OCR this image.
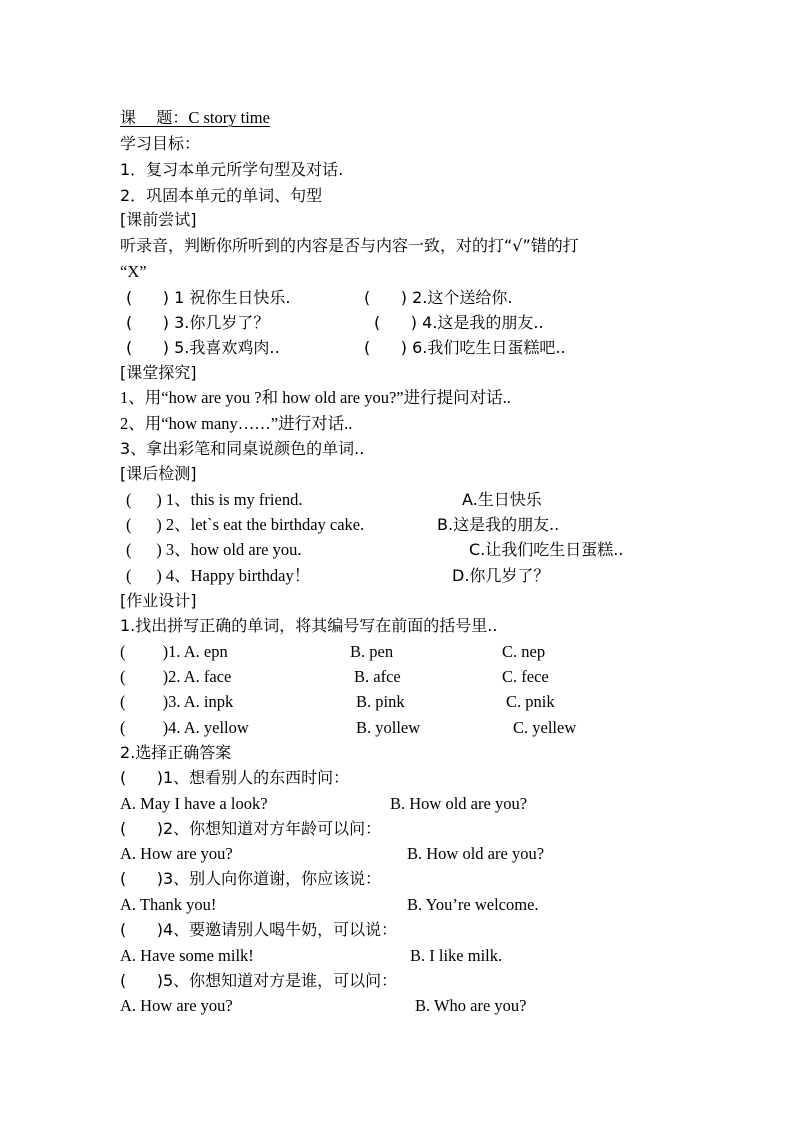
课    题：C story time
学习目标：
1．复习本单元所学句型及对话.
2．巩固本单元的单词、句型
[课前尝试]
听录音，判断你所听到的内容是否与内容一致，对的打“√”错的打
“X”
(      ) 1 祝你生日快乐.	(      ) 2.这个送给你.
(      ) 3.你几岁了？	(      ) 4.这是我的朋友..
(      ) 5.我喜欢鸡肉..	(      ) 6.我们吃生日蛋糕吧..
[课堂探究]
1、用“how are you ?和 how old are you?”进行提问对话..
2、用“how many……”进行对话..
3、拿出彩笔和同桌说颜色的单词..
[课后检测]
(      ) 1、this is my friend.	A.生日快乐
(      ) 2、let`s eat the birthday cake.	B.这是我的朋友..
(      ) 3、how old are you.	C.让我们吃生日蛋糕..
(      ) 4、Happy birthday！	D.你几岁了？
[作业设计]
1.找出拼写正确的单词，将其编号写在前面的括号里..
(         )1. A. epn	B. pen	C. nep
(         )2. A. face	B. afce	C. fece
(         )3. A. inpk	B. pink	C. pnik
(         )4. A. yellow	B. yollew	C. yellew
2.选择正确答案
(      )1、想看别人的东西时问：
A. May I have a look?	B. How old are you?
(      )2、你想知道对方年龄可以问：
A. How are you?	B. How old are you?
(      )3、别人向你道谢，你应该说：
A. Thank you!	B. You’re welcome.
(      )4、要邀请别人喝牛奶，可以说：
A. Have some milk!	B. I like milk.
(      )5、你想知道对方是谁，可以问：
A. How are you?	B. Who are you?
